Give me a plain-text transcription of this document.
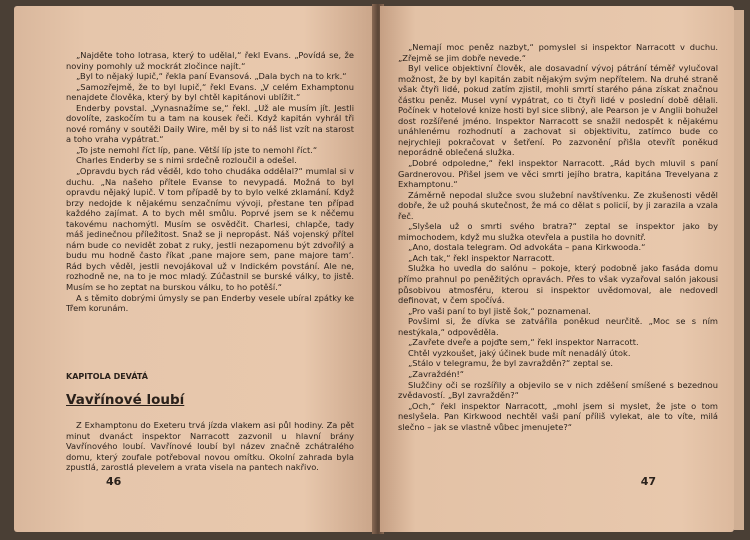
„Najděte toho lotrasa, který to udělal,“ řekl Evans. „Povídá se, že noviny pomohly už mockrát zločince najít.“

„Byl to nějaký lupič,“ řekla paní Evansová. „Dala bych na to krk.“

„Samozřejmě, že to byl lupič,“ řekl Evans. „V celém Exhamptonu nenajdete člověka, který by byl chtěl kapitánovi ublížit.“

Enderby povstal. „Vynasnažíme se,“ řekl. „Už ale musím jít. Jestli dovolíte, zaskočím tu a tam na kousek řeči. Když kapitán vyhrál tři nové romány v soutěži Daily Wire, měl by si to náš list vzít na starost a toho vraha vypátrat.“

„To jste nemohl říct líp, pane. Větší líp jste to nemohl říct.“

Charles Enderby se s nimi srdečně rozloučil a odešel.

„Opravdu bych rád věděl, kdo toho chudáka oddělal?“ mumlal si v duchu. „Na našeho přítele Evanse to nevypadá. Možná to byl opravdu nějaký lupič. V tom případě by to bylo velké zklamání. Když brzy nedojde k nějakému senzačnímu vývoji, přestane ten případ každého zajímat. A to bych měl smůlu. Poprvé jsem se k něčemu takovému nachomýtl. Musím se osvědčit. Charlesi, chlapče, tady máš jedinečnou příležitost. Snaž se ji nepropást. Náš vojenský přítel nám bude co nevidět zobat z ruky, jestli nezapomenu být zdvořilý a budu mu hodně často říkat ‚pane majore sem, pane majore tam‘. Rád bych věděl, jestli nevojákoval už v Indickém povstání. Ale ne, rozhodně ne, na to je moc mladý. Zúčastnil se burské války, to jistě. Musím se ho zeptat na burskou válku, to ho potěší.“

A s těmito dobrými úmysly se pan Enderby vesele ubíral zpátky ke Třem korunám.

KAPITOLA DEVÁTÁ
Vavřínové loubí

Z Exhamptonu do Exeteru trvá jízda vlakem asi půl hodiny. Za pět minut dvanáct inspektor Narracott zazvonil u hlavní brány Vavřínového loubí. Vavřínové loubí byl název značně zchátralého domu, který zoufale potřeboval novou omítku. Okolní zahrada byla zpustlá, zarostlá plevelem a vrata visela na pantech nakřivo.

46

„Nemají moc peněz nazbyt,“ pomyslel si inspektor Narracott v duchu. „Zřejmě se jim dobře nevede.“

Byl velice objektivní člověk, ale dosavadní vývoj pátrání téměř vylučoval možnost, že by byl kapitán zabit nějakým svým nepřítelem. Na druhé straně však čtyři lidé, pokud zatím zjistil, mohli smrtí starého pána získat značnou částku peněz. Musel vyní vypátrat, co ti čtyři lidé v poslední době dělali. Počínek v hotelové knize hosti byl sice slibný, ale Pearson je v Anglii bohužel dost rozšířené jméno. Inspektor Narracott se snažil nedospět k nějakému unáhlenému rozhodnutí a zachovat si objektivitu, zatímco bude co nejrychleji pokračovat v šetření. Po zazvonění přišla otevřít poněkud neporádně oblečená služka.

„Dobré odpoledne,“ řekl inspektor Narracott. „Rád bych mluvil s paní Gardnerovou. Přišel jsem ve věci smrti jejího bratra, kapitána Trevelyana z Exhamptonu.“

Záměrně nepodal služce svou služební navštívenku. Ze zkušenosti věděl dobře, že už pouhá skutečnost, že má co dělat s policií, by ji zarazila a vzala řeč.

„Slyšela už o smrti svého bratra?“ zeptal se inspektor jako by mimochodem, když mu služka otevřela a pustila ho dovnitř.

„Ano, dostala telegram. Od advokáta – pana Kirkwooda.“

„Ach tak,“ řekl inspektor Narracott.

Služka ho uvedla do salónu – pokoje, který podobně jako fasáda domu přímo prahnul po peněžitých opravách. Přes to však vyzařoval salón jakousi působivou atmosféru, kterou si inspektor uvědomoval, ale nedovedl definovat, v čem spočívá.

„Pro vaši paní to byl jistě šok,“ poznamenal.

Povšiml si, že dívka se zatvářila poněkud neurčitě. „Moc se s ním nestýkala,“ odpověděla.

„Zavřete dveře a pojďte sem,“ řekl inspektor Narracott.

Chtěl vyzkoušet, jaký účinek bude mít nenadálý útok.

„Stálo v telegramu, že byl zavražděn?“ zeptal se.

„Zavraždén!“

Služčiny oči se rozšířily a objevilo se v nich zděšení smíšené s bezednou zvědavostí. „Byl zavražděn?“

„Och,“ řekl inspektor Narracott, „mohl jsem si myslet, že jste o tom neslyšela. Pan Kirkwood nechtěl vaši paní příliš vylekat, ale to víte, milá slečno – jak se vlastně vůbec jmenujete?“

47
